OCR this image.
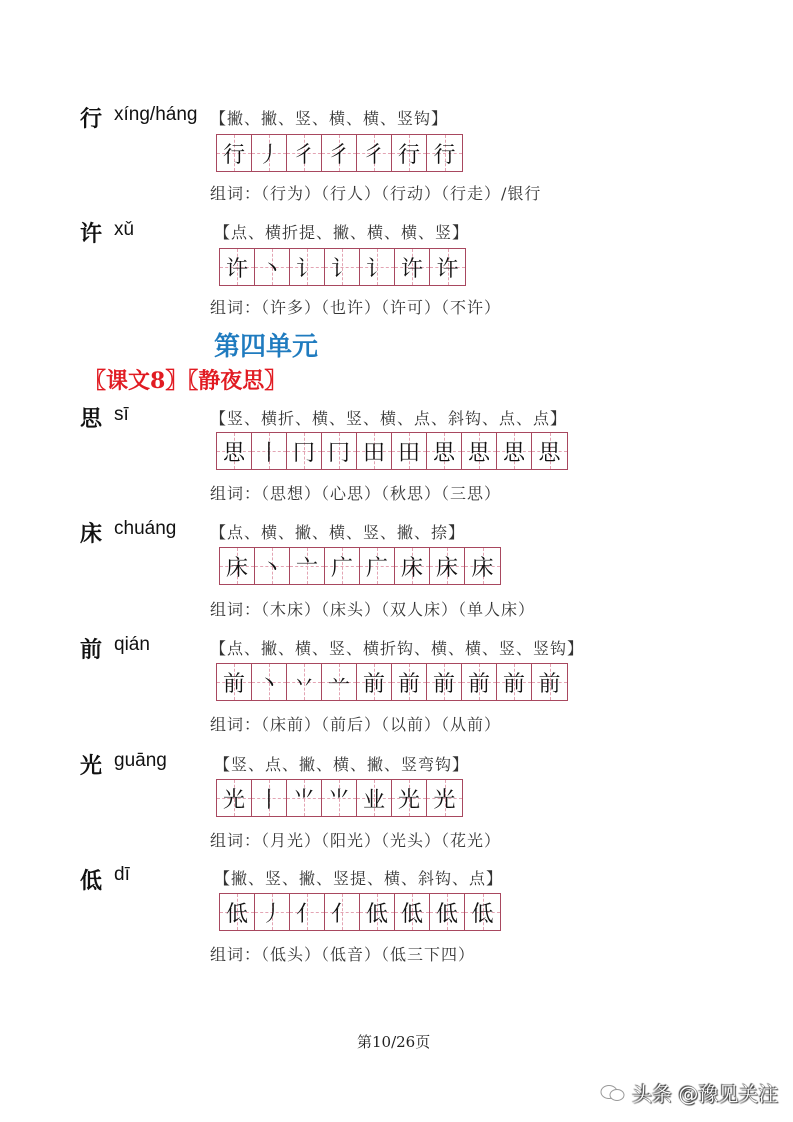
行 xíng/háng 【撇、撇、竖、横、横、竖钩】
行 丿 彳 彳 彳 行 行
组词：（行为）（行人）（行动）（行走）/银行
许 xǔ	【点、横折提、撇、横、横、竖】
许 丶 讠 讠 讠 许 许
组词：（许多）（也许）（许可）（不许）
第四单元
〖课文8〗〖静夜思〗
思 sī	【竖、横折、横、竖、横、点、斜钩、点、点】
思 丨 冂 冂 田 田 思 思 思 思
组词：（思想）（心思）（秋思）（三思）
床 chuáng 【点、横、撇、横、竖、撇、捺】
床 丶 亠 广 广 床 床 床
组词：（木床）（床头）（双人床）（单人床）
前 qián	【点、撇、横、竖、横折钩、横、横、竖、竖钩】
前 丶 丷 䒑 前 前 前 前 前 前
组词：（床前）（前后）（以前）（从前）
光 guāng	【竖、点、撇、横、撇、竖弯钩】
光 丨 ⺌ ⺌ 业 光 光
组词：（月光）（阳光）（光头）（花光）
低 dī	【撇、竖、撇、竖提、横、斜钩、点】
低 丿 亻 亻 低 低 低 低
组词：（低头）（低音）（低三下四）
第10/26页
头条 @豫见关注
